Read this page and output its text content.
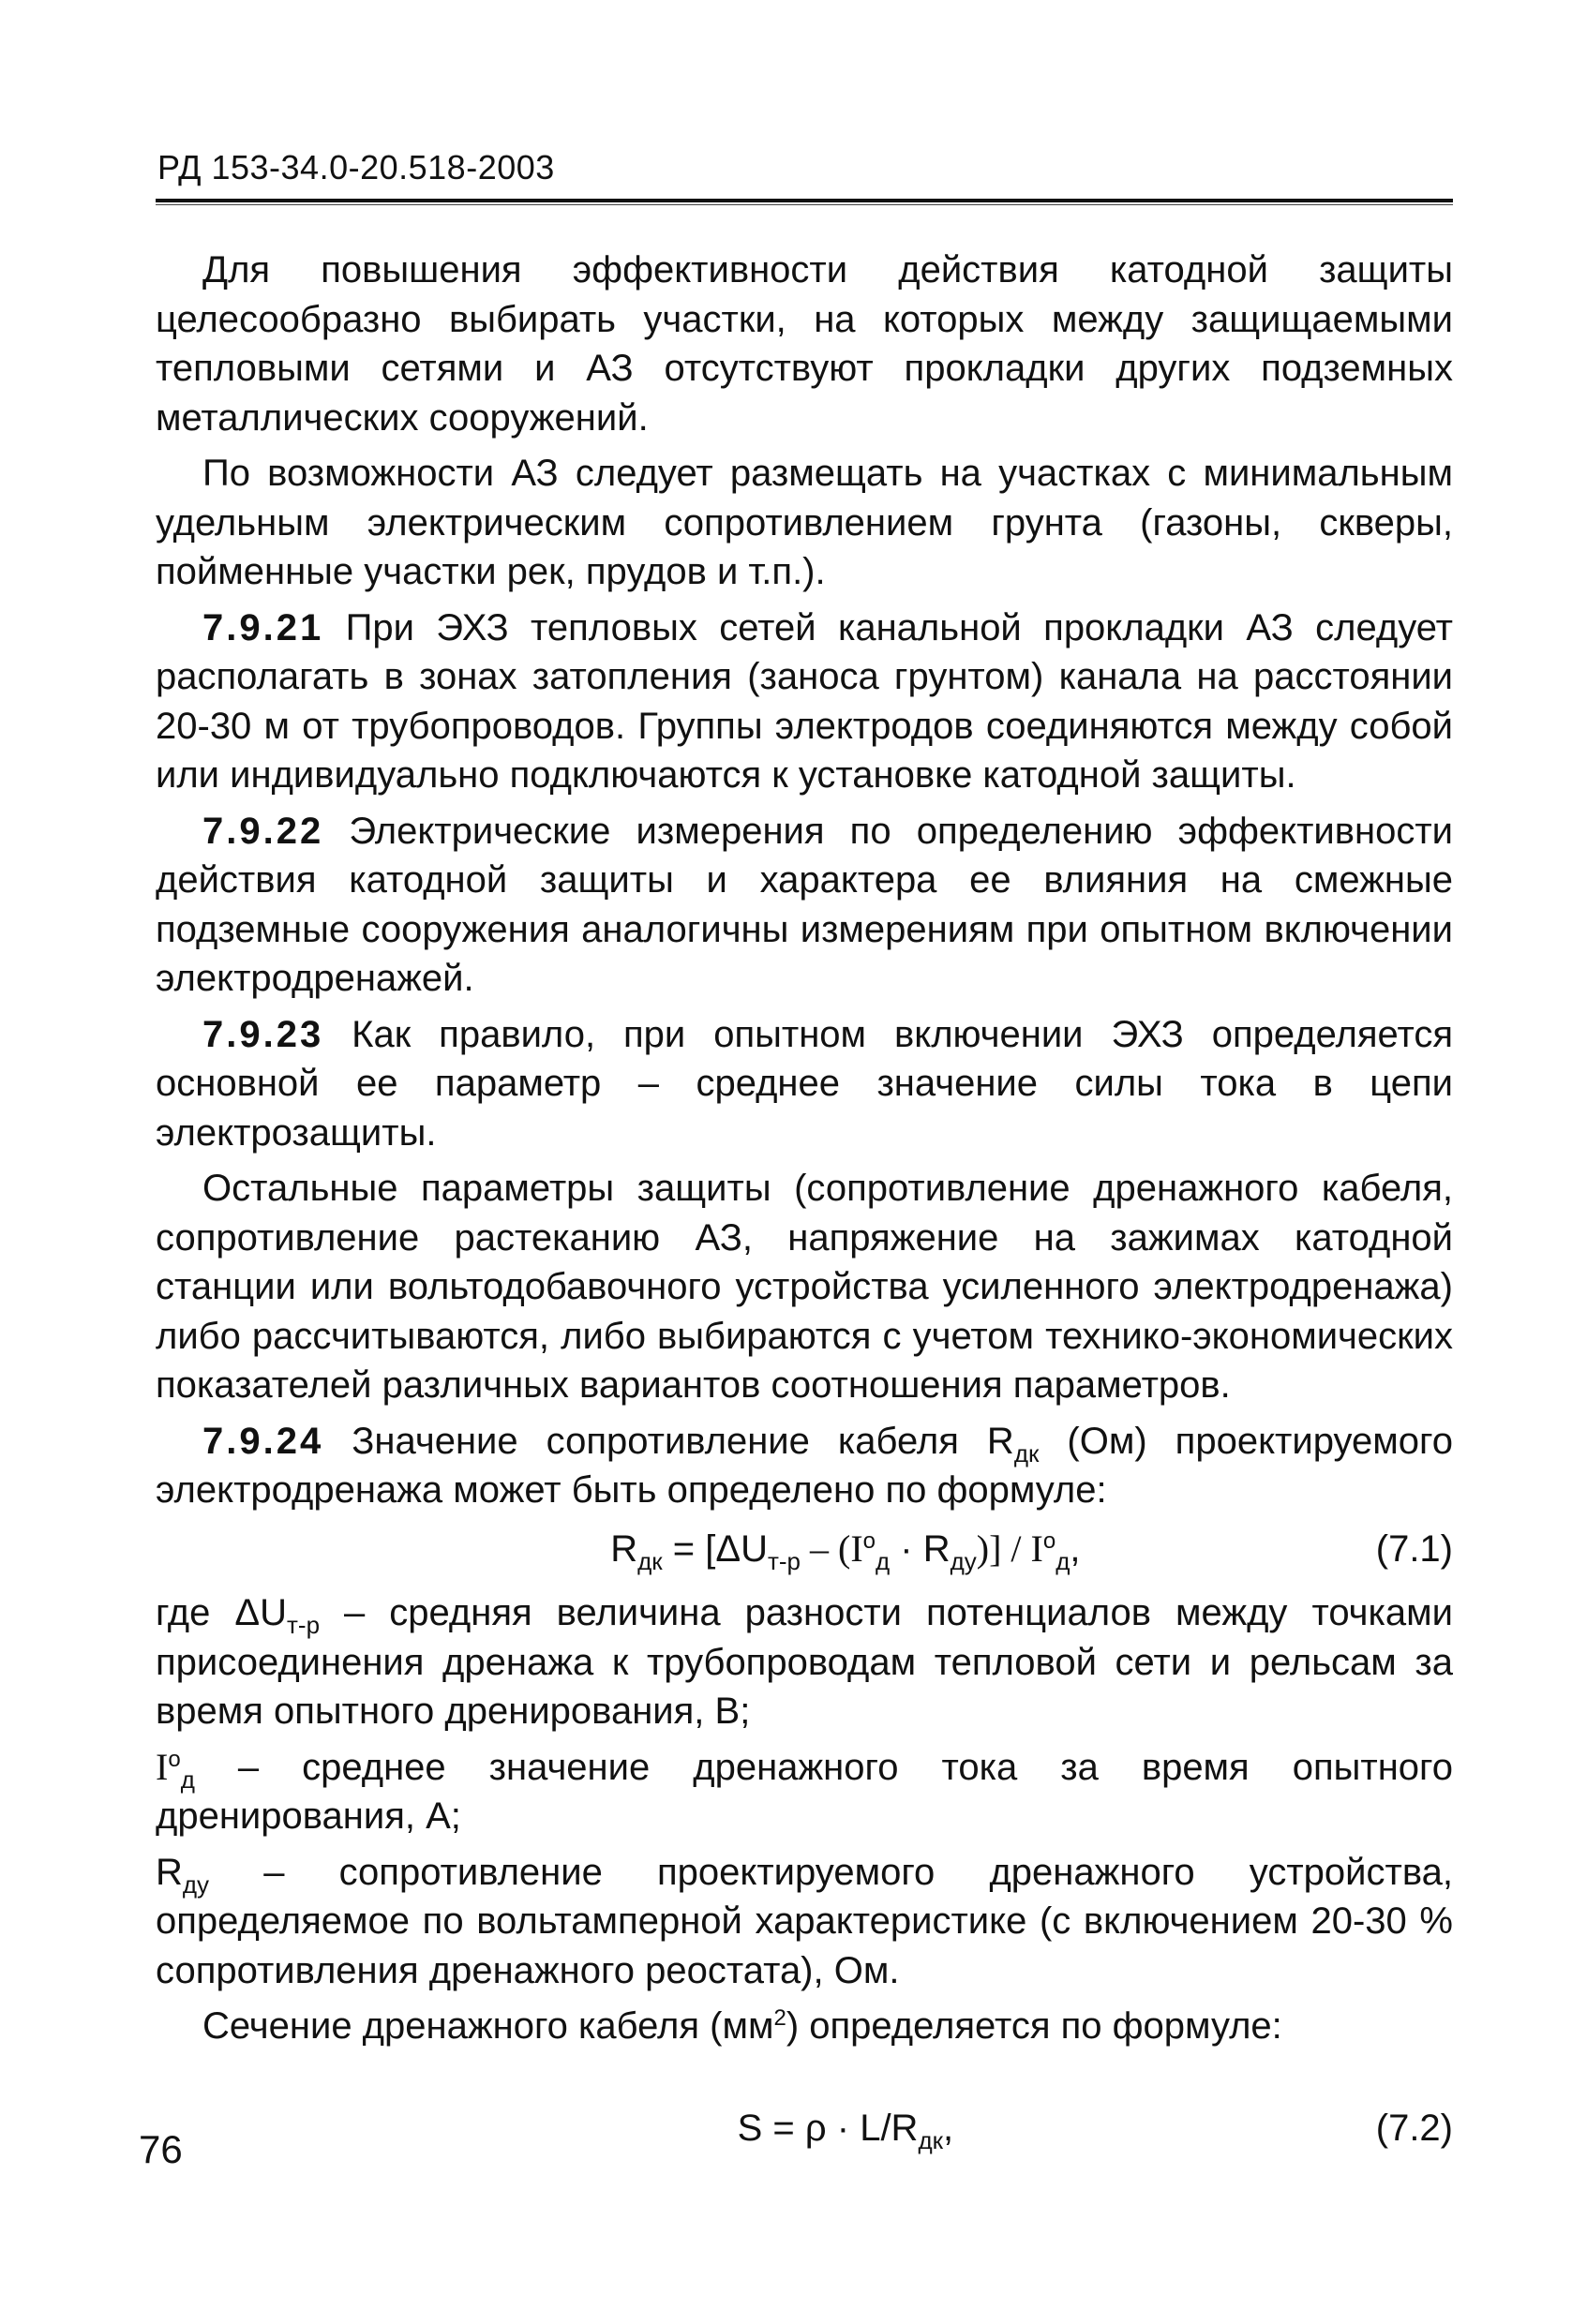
РД 153-34.0-20.518-2003

Для повышения эффективности действия катодной защиты целесообразно выбирать участки, на которых между защищаемыми тепловыми сетями и АЗ отсутствуют прокладки других подземных металлических сооружений.

По возможности АЗ следует размещать на участках с минимальным удельным электрическим сопротивлением грунта (газоны, скверы, пойменные участки рек, прудов и т.п.).

7.9.21 При ЭХЗ тепловых сетей канальной прокладки АЗ следует располагать в зонах затопления (заноса грунтом) канала на расстоянии 20-30 м от трубопроводов. Группы электродов соединяются между собой или индивидуально подключаются к установке катодной защиты.

7.9.22 Электрические измерения по определению эффективности действия катодной защиты и характера ее влияния на смежные подземные сооружения аналогичны измерениям при опытном включении электродренажей.

7.9.23 Как правило, при опытном включении ЭХЗ определяется основной ее параметр – среднее значение силы тока в цепи электрозащиты.

Остальные параметры защиты (сопротивление дренажного кабеля, сопротивление растеканию АЗ, напряжение на зажимах катодной станции или вольтодобавочного устройства усиленного электродренажа) либо рассчитываются, либо выбираются с учетом технико-экономических показателей различных вариантов соотношения параметров.

7.9.24 Значение сопротивление кабеля $R_{дк}$ (Ом) проектируемого электродренажа может быть определено по формуле:

$R_{дк} = [\Delta U_{т-р} - (I^o_д \cdot R_{ду})] / I^o_д$,	(7.1)

где $\Delta U_{т-р}$ – средняя величина разности потенциалов между точками присоединения дренажа к трубопроводам тепловой сети и рельсам за время опытного дренирования, В;

$I^o_д$ – среднее значение дренажного тока за время опытного дренирования, А;

$R_{ду}$ – сопротивление проектируемого дренажного устройства, определяемое по вольтамперной характеристике (с включением 20-30 % сопротивления дренажного реостата), Ом.

Сечение дренажного кабеля $(мм^2)$ определяется по формуле:

$S = \rho \cdot L/R_{дк}$,	(7.2)
76
